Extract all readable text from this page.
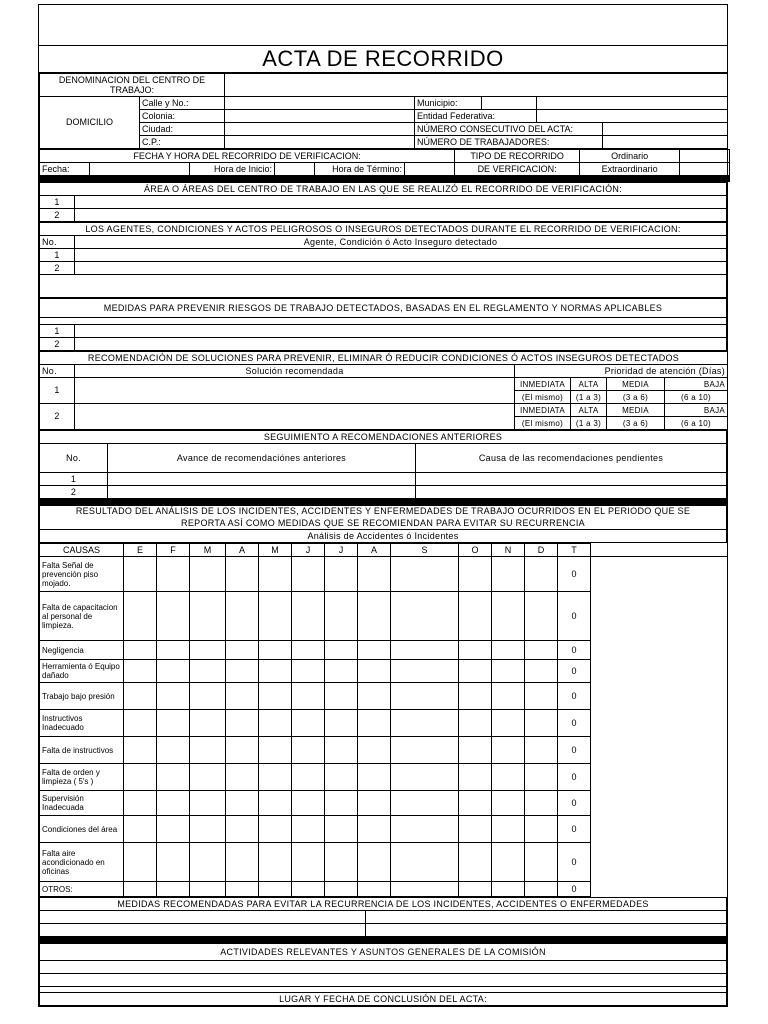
ACTA DE RECORRIDO
DENOMINACION DEL CENTRO DE TRABAJO:						
DOMICILIO	Calle y No.:		Municipio:			
	Colonia:		Entidad Federativa:			
	Ciudad:		NÚMERO CONSECUTIVO DEL ACTA:			
	C.P.:		NÚMERO DE TRABAJADORES:			
FECHA Y HORA DEL RECORRIDO DE VERIFICACION:						TIPO DE RECORRIDO	Ordinario	
Fecha:		Hora de Inicio:		Hora de Término:		DE VERFICACION:	Extraordinario	

ÁREA O ÁREAS DEL CENTRO DE TRABAJO EN LAS QUE SE REALIZÓ EL RECORRIDO DE VERIFICACIÓN:	
1	
2	
LOS AGENTES, CONDICIONES Y ACTOS PELIGROSOS O INSEGUROS DETECTADOS DURANTE EL RECORRIDO DE VERIFICACION:	
No.	Agente, Condición ó Acto Inseguro detectado
1	
2	

MEDIDAS PARA PREVENIR RIESGOS DE TRABAJO DETECTADOS, BASADAS EN EL REGLAMENTO Y NORMAS APLICABLES	

1	
2	
RECOMENDACIÓN DE SOLUCIONES PARA PREVENIR, ELIMINAR Ó REDUCIR CONDICIONES Ó ACTOS INSEGUROS DETECTADOS					
No.	Solución recomendada	Prioridad de atención (Días)			
1		INMEDIATA	ALTA	MEDIA	BAJA
		(El mismo)	(1 a 3)	(3 a 6)	(6 a 10)
2		INMEDIATA	ALTA	MEDIA	BAJA
		(El mismo)	(1 a 3)	(3 a 6)	(6 a 10)
SEGUIMIENTO A RECOMENDACIONES ANTERIORES		
No.	Avance de recomendaciónes anteriores	Causa de las recomendaciones pendientes
1		
2		

RESULTADO DEL ANÁLISIS DE LOS INCIDENTES, ACCIDENTES Y ENFERMEDADES DE TRABAJO OCURRIDOS EN EL PERIODO QUE SE
REPORTA ASÍ COMO MEDIDAS QUE SE RECOMIENDAN PARA EVITAR SU RECURRENCIA
Análisis de Accidentes ó Incidentes
CAUSAS	E	F	M	A	M	J	J	A	S	O	N	D	T	
Falta Señal de prevención piso mojado.													0	
Falta de capacitacion al personal de limpieza.													0	
Negligencia													0	
Herramienta ó Equipo dañado													0	
Trabajo bajo presión													0	
Instructivos Inadecuado													0	
Falta de instructivos													0	
Falta de orden y limpieza ( 5's )													0	
Supervisión Inadecuada													0	
Condiciones del área													0	
Falta aire acondicionado en oficinas													0	
OTROS:													0	
MEDIDAS RECOMENDADAS PARA EVITAR LA RECURRENCIA DE LOS INCIDENTES, ACCIDENTES O ENFERMEDADES	

ACTIVIDADES RELEVANTES Y ASUNTOS GENERALES DE LA COMISIÓN

LUGAR Y FECHA DE CONCLUSIÓN DEL ACTA:
